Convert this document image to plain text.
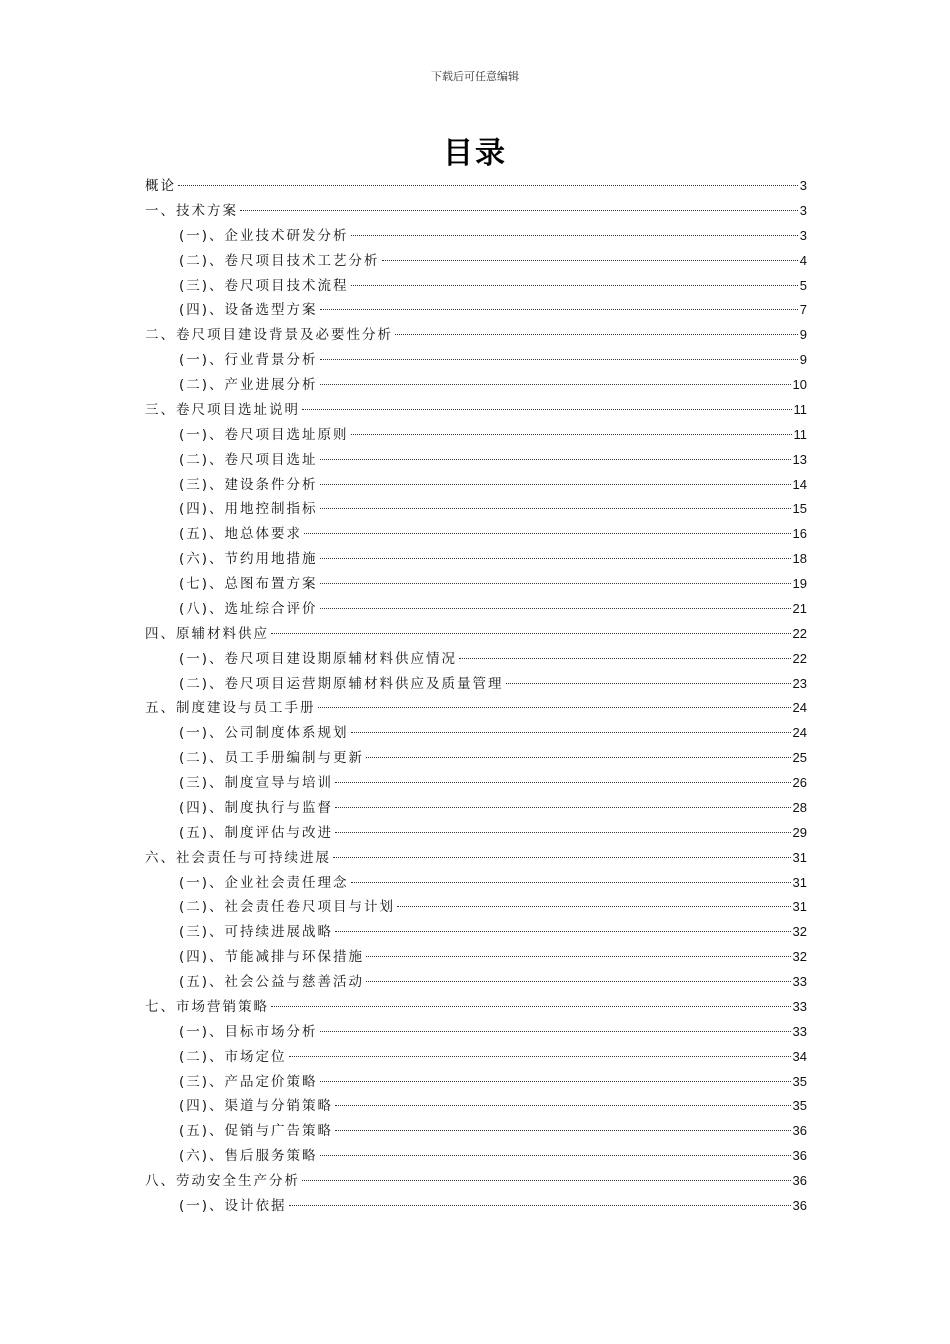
下载后可任意编辑
目录
概论	3
一、技术方案	3
(一)、企业技术研发分析	3
(二)、卷尺项目技术工艺分析	4
(三)、卷尺项目技术流程	5
(四)、设备选型方案	7
二、卷尺项目建设背景及必要性分析	9
(一)、行业背景分析	9
(二)、产业进展分析	10
三、卷尺项目选址说明	11
(一)、卷尺项目选址原则	11
(二)、卷尺项目选址	13
(三)、建设条件分析	14
(四)、用地控制指标	15
(五)、地总体要求	16
(六)、节约用地措施	18
(七)、总图布置方案	19
(八)、选址综合评价	21
四、原辅材料供应	22
(一)、卷尺项目建设期原辅材料供应情况	22
(二)、卷尺项目运营期原辅材料供应及质量管理	23
五、制度建设与员工手册	24
(一)、公司制度体系规划	24
(二)、员工手册编制与更新	25
(三)、制度宣导与培训	26
(四)、制度执行与监督	28
(五)、制度评估与改进	29
六、社会责任与可持续进展	31
(一)、企业社会责任理念	31
(二)、社会责任卷尺项目与计划	31
(三)、可持续进展战略	32
(四)、节能减排与环保措施	32
(五)、社会公益与慈善活动	33
七、市场营销策略	33
(一)、目标市场分析	33
(二)、市场定位	34
(三)、产品定价策略	35
(四)、渠道与分销策略	35
(五)、促销与广告策略	36
(六)、售后服务策略	36
八、劳动安全生产分析	36
(一)、设计依据	36
